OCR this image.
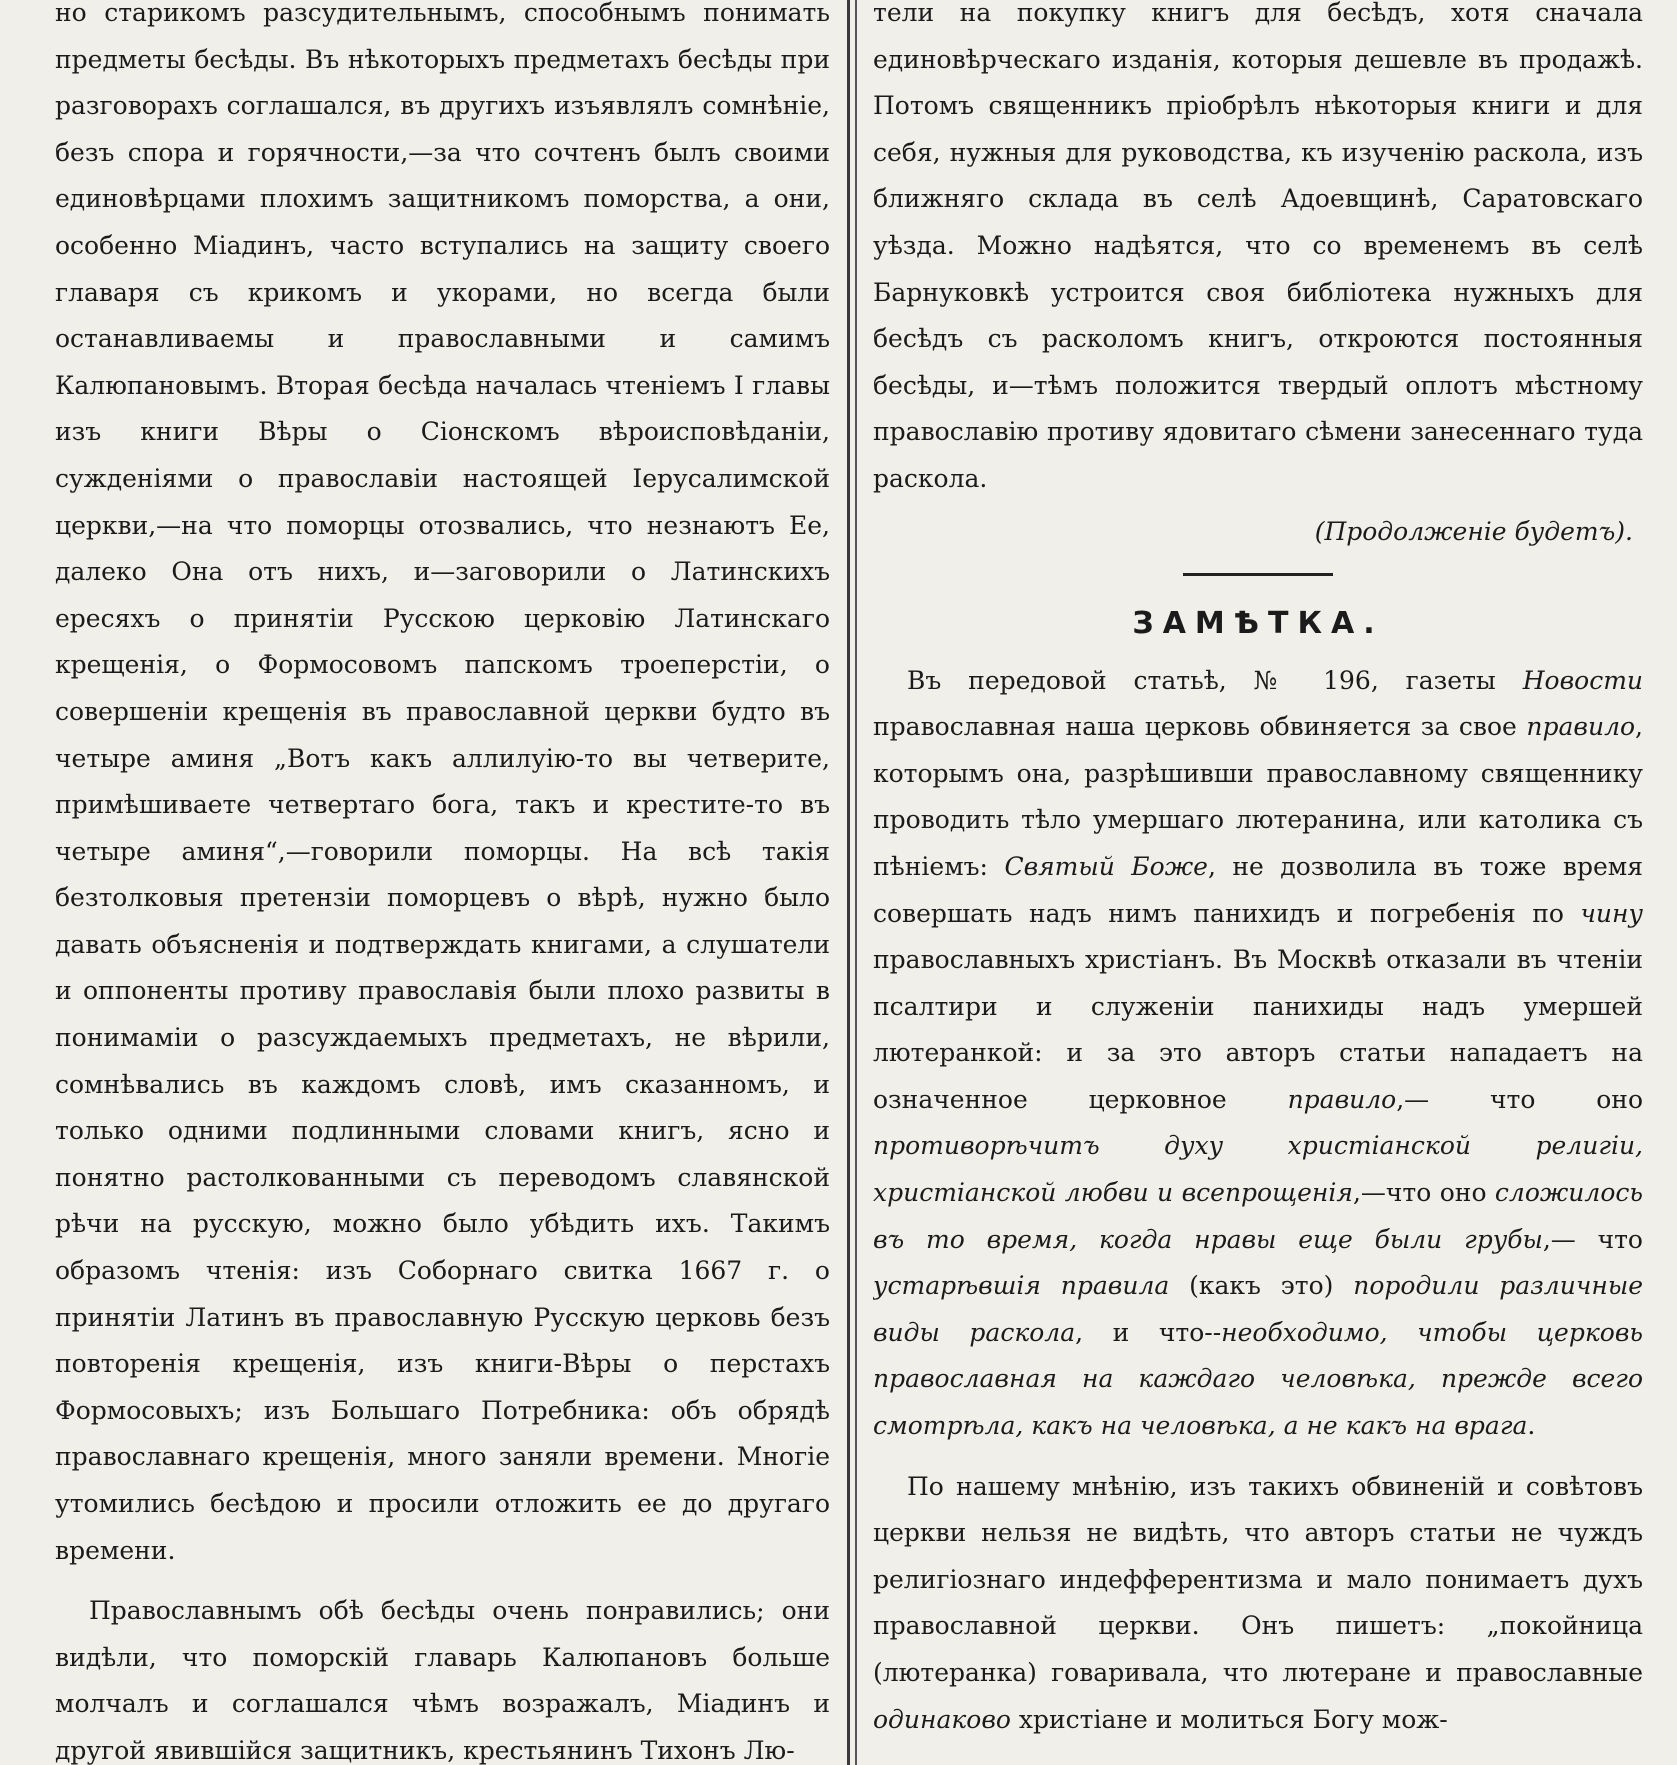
но старикомъ разсудительнымъ, способнымъ понимать предметы бесѣды. Въ нѣкоторыхъ предметахъ бесѣды при разговорахъ соглашался, въ другихъ изъявлялъ сомнѣніе, безъ спора и горячности,—за что сочтенъ былъ своими единовѣрцами плохимъ защитникомъ поморства, а они, особенно Міадинъ, часто вступались на защиту своего главаря съ крикомъ и укорами, но всегда были останавливаемы и православными и самимъ Калюпановымъ. Вторая бесѣда началась чтеніемъ I главы изъ книги Вѣры о Сіонскомъ вѣроисповѣданіи, сужденіями о православіи настоящей Іерусалимской церкви,—на что поморцы отозвались, что незнаютъ Ее, далеко Она отъ нихъ, и—заговорили о Латинскихъ ересяхъ о принятіи Русскою церковію Латинскаго крещенія, о Формосовомъ папскомъ троеперстіи, о совершеніи крещенія въ православной церкви будто въ четыре аминя „Вотъ какъ аллилуію-то вы четверите, примѣшиваете четвертаго бога, такъ и крестите-то въ четыре аминя“,—говорили поморцы. На всѣ такія безтолковыя претензіи поморцевъ о вѣрѣ, нужно было давать объясненія и подтверждать книгами, а слушатели и оппоненты противу православія были плохо развиты в понимаміи о разсуждаемыхъ предметахъ, не вѣрили, сомнѣвались въ каждомъ словѣ, имъ сказанномъ, и только одними подлинными словами книгъ, ясно и понятно растолкованными съ переводомъ славянской рѣчи на русскую, можно было убѣдить ихъ. Такимъ образомъ чтенія: изъ Соборнаго свитка 1667 г. о принятіи Латинъ въ православную Русскую церковь безъ повторенія крещенія, изъ книги-Вѣры о перстахъ Формосовыхъ; изъ Большаго Потребника: объ обрядѣ православнаго крещенія, много заняли времени. Многіе утомились бесѣдою и просили отложить ее до другаго времени.

Православнымъ обѣ бесѣды очень понравились; они видѣли, что поморскій главарь Калюпановъ больше молчалъ и соглашался чѣмъ возражалъ, Міадинъ и другой явившійся защитникъ, крестьянинъ Тихонъ Лю-

тели на покупку книгъ для бесѣдъ, хотя сначала единовѣрческаго изданія, которыя дешевле въ продажѣ. Потомъ священникъ пріобрѣлъ нѣкоторыя книги и для себя, нужныя для руководства, къ изученію раскола, изъ ближняго склада въ селѣ Адоевщинѣ, Саратовскаго уѣзда. Можно надѣятся, что со временемъ въ селѣ Барнуковкѣ устроится своя библіотека нужныхъ для бесѣдъ съ расколомъ книгъ, откроются постоянныя бесѣды, и—тѣмъ положится твердый оплотъ мѣстному православію противу ядовитаго сѣмени занесеннаго туда раскола.

(Продолженіе будетъ).

ЗАМѢТКА.

Въ передовой статьѣ, № 196, газеты Новости православная наша церковь обвиняется за свое правило, которымъ она, разрѣшивши православному священнику проводить тѣло умершаго лютеранина, или католика съ пѣніемъ: Святый Боже, не дозволила въ тоже время совершать надъ нимъ панихидъ и погребенія по чину православныхъ христіанъ. Въ Москвѣ отказали въ чтеніи псалтири и служеніи панихиды надъ умершей лютеранкой: и за это авторъ статьи нападаетъ на означенное церковное правило,— что оно противорѣчитъ духу христіанской религіи, христіанской любви и всепрощенія,—что оно сложилось въ то время, когда нравы еще были грубы,— что устарѣвшія правила (какъ это) породили различные виды раскола, и что--необходимо, чтобы церковь православная на каждаго человѣка, прежде всего смотрѣла, какъ на человѣка, а не какъ на врага.

По нашему мнѣнію, изъ такихъ обвиненій и совѣтовъ церкви нельзя не видѣть, что авторъ статьи не чуждъ религіознаго индефферентизма и мало понимаетъ духъ православной церкви. Онъ пишетъ: „покойница (лютеранка) говаривала, что лютеране и православные одинаково христіане и молиться Богу мож-
